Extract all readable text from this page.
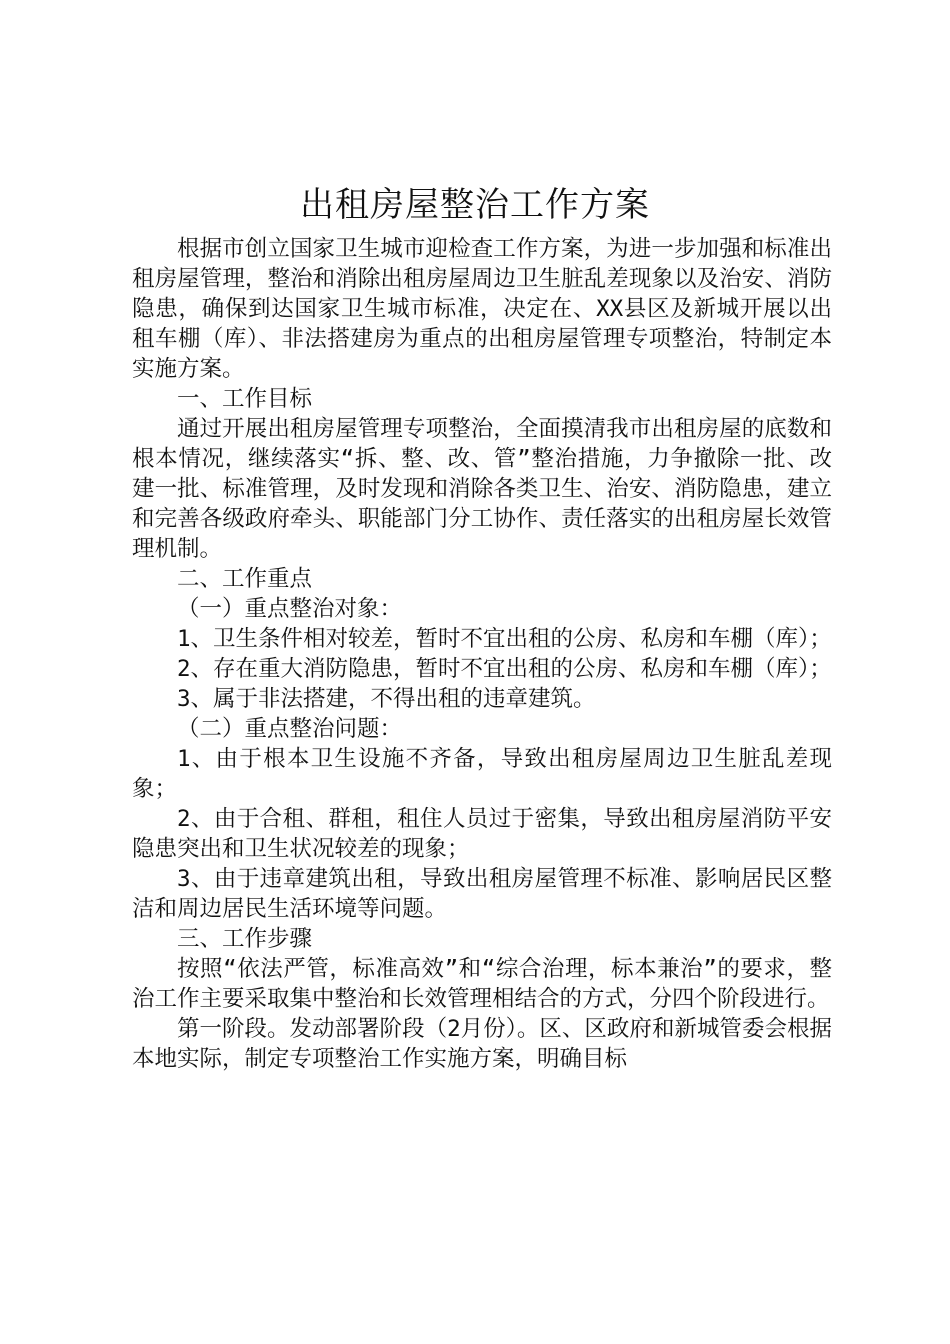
出租房屋整治工作方案

根据市创立国家卫生城市迎检查工作方案，为进一步加强和标准出租房屋管理，整治和消除出租房屋周边卫生脏乱差现象以及治安、消防隐患，确保到达国家卫生城市标准，决定在、XX县区及新城开展以出租车棚（库）、非法搭建房为重点的出租房屋管理专项整治，特制定本实施方案。

一、工作目标

通过开展出租房屋管理专项整治，全面摸清我市出租房屋的底数和根本情况，继续落实“拆、整、改、管”整治措施，力争撤除一批、改建一批、标准管理，及时发现和消除各类卫生、治安、消防隐患，建立和完善各级政府牵头、职能部门分工协作、责任落实的出租房屋长效管理机制。

二、工作重点

（一）重点整治对象：

1、卫生条件相对较差，暂时不宜出租的公房、私房和车棚（库）；

2、存在重大消防隐患，暂时不宜出租的公房、私房和车棚（库）；

3、属于非法搭建，不得出租的违章建筑。

（二）重点整治问题：

1、由于根本卫生设施不齐备，导致出租房屋周边卫生脏乱差现象；

2、由于合租、群租，租住人员过于密集，导致出租房屋消防平安隐患突出和卫生状况较差的现象；

3、由于违章建筑出租，导致出租房屋管理不标准、影响居民区整洁和周边居民生活环境等问题。

三、工作步骤

按照“依法严管，标准高效”和“综合治理，标本兼治”的要求，整治工作主要采取集中整治和长效管理相结合的方式，分四个阶段进行。

第一阶段。发动部署阶段（2月份）。区、区政府和新城管委会根据本地实际，制定专项整治工作实施方案，明确目标
